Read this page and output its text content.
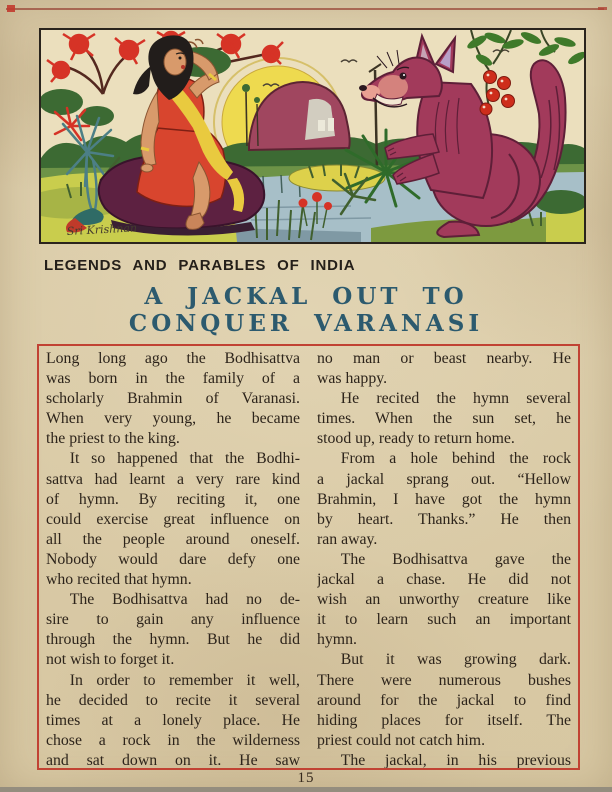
Sri Krishnan
LEGENDS AND PARABLES OF INDIA
A JACKAL OUT TO
CONQUER VARANASI
Long long ago the Bodhisattva
was born in the family of a
scholarly Brahmin of Varanasi.
When very young, he became
the priest to the king.
It so happened that the Bodhi-
sattva had learnt a very rare kind
of hymn. By reciting it, one
could exercise great influence on
all the people around oneself.
Nobody would dare defy one
who recited that hymn.
The Bodhisattva had no de-
sire to gain any influence
through the hymn. But he did
not wish to forget it.
In order to remember it well,
he decided to recite it several
times at a lonely place. He
chose a rock in the wilderness
and sat down on it. He saw
no man or beast nearby. He
was happy.
He recited the hymn several
times. When the sun set, he
stood up, ready to return home.
From a hole behind the rock
a jackal sprang out. “Hellow
Brahmin, I have got the hymn
by heart. Thanks.” He then
ran away.
The Bodhisattva gave the
jackal a chase. He did not
wish an unworthy creature like
it to learn such an important
hymn.
But it was growing dark.
There were numerous bushes
around for the jackal to find
hiding places for itself. The
priest could not catch him.
The jackal, in his previous
15
